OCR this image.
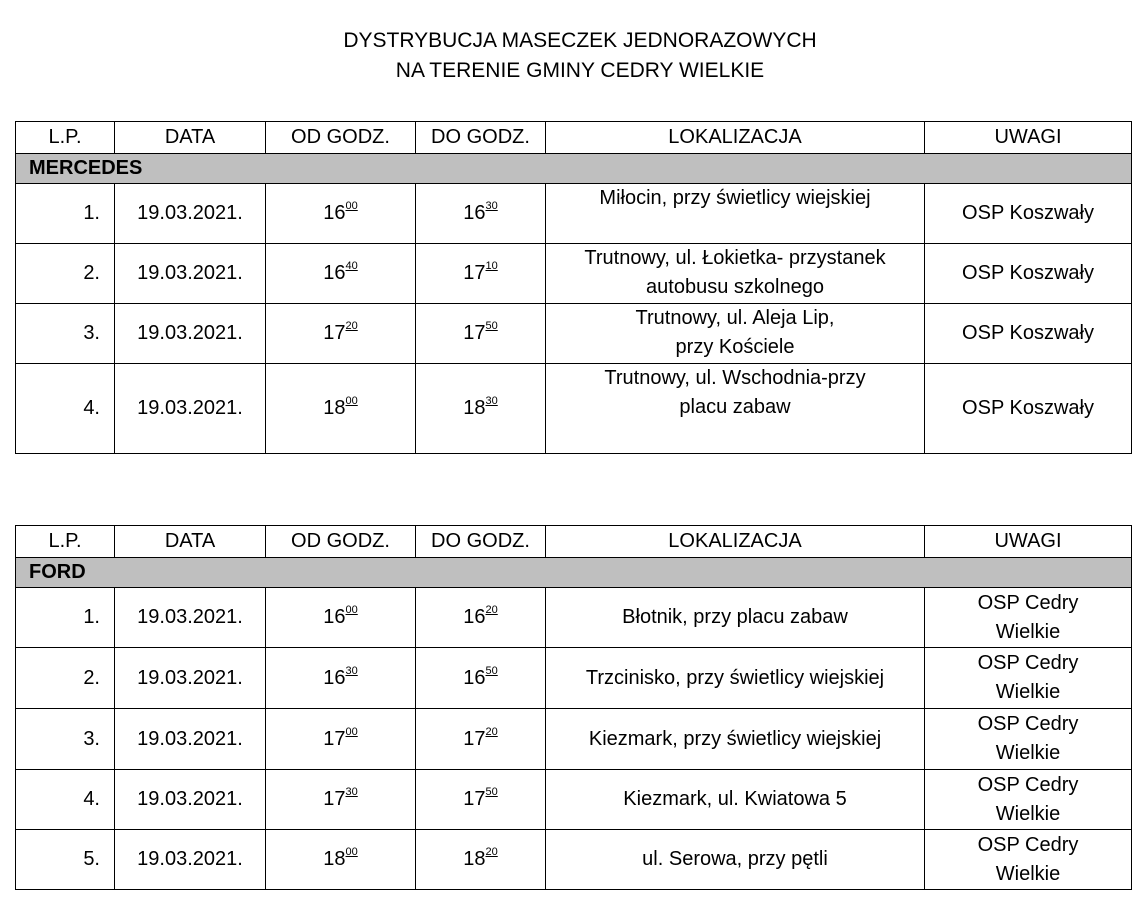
DYSTRYBUCJA MASECZEK JEDNORAZOWYCH
NA TERENIE GMINY CEDRY WIELKIE
L.P.	DATA	OD GODZ.	DO GODZ.	LOKALIZACJA	UWAGI
MERCEDES					
1.	19.03.2021.	$16^{00}$	$16^{30}$	Miłocin, przy świetlicy wiejskiej	OSP Koszwały

2.	19.03.2021.	$16^{40}$	$17^{10}$	Trutnowy, ul. Łokietka- przystanek
autobusu szkolnego	OSP Koszwały

3.	19.03.2021.	$17^{20}$	$17^{50}$	Trutnowy, ul. Aleja Lip,
przy Kościele	OSP Koszwały

4.	19.03.2021.	$18^{00}$	$18^{30}$	Trutnowy, ul. Wschodnia-przy
placu zabaw	OSP Koszwały
L.P.	DATA	OD GODZ.	DO GODZ.	LOKALIZACJA	UWAGI
FORD					
1.	19.03.2021.	$16^{00}$	$16^{20}$	Błotnik, przy placu zabaw	OSP Cedry
Wielkie

2.	19.03.2021.	$16^{30}$	$16^{50}$	Trzcinisko, przy świetlicy wiejskiej	OSP Cedry
Wielkie

3.	19.03.2021.	$17^{00}$	$17^{20}$	Kiezmark, przy świetlicy wiejskiej	OSP Cedry
Wielkie

4.	19.03.2021.	$17^{30}$	$17^{50}$	Kiezmark, ul. Kwiatowa 5	OSP Cedry
Wielkie

5.	19.03.2021.	$18^{00}$	$18^{20}$	ul. Serowa, przy pętli	OSP Cedry
Wielkie
